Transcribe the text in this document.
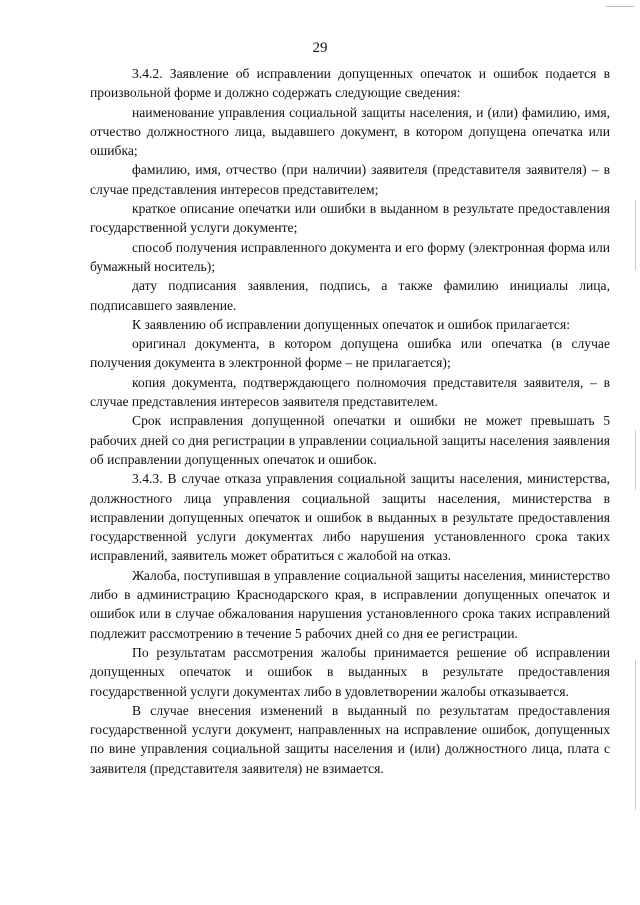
29

3.4.2. Заявление об исправлении допущенных опечаток и ошибок подается в произвольной форме и должно содержать следующие сведения:

наименование управления социальной защиты населения, и (или) фамилию, имя, отчество должностного лица, выдавшего документ, в котором допущена опечатка или ошибка;

фамилию, имя, отчество (при наличии) заявителя (представителя заявителя) – в случае представления интересов представителем;

краткое описание опечатки или ошибки в выданном в результате предоставления государственной услуги документе;

способ получения исправленного документа и его форму (электронная форма или бумажный носитель);

дату подписания заявления, подпись, а также фамилию инициалы лица, подписавшего заявление.

К заявлению об исправлении допущенных опечаток и ошибок прилагается:

оригинал документа, в котором допущена ошибка или опечатка (в случае получения документа в электронной форме – не прилагается);

копия документа, подтверждающего полномочия представителя заявителя, – в случае представления интересов заявителя представителем.

Срок исправления допущенной опечатки и ошибки не может превышать 5 рабочих дней со дня регистрации в управлении социальной защиты населения заявления об исправлении допущенных опечаток и ошибок.

3.4.3. В случае отказа управления социальной защиты населения, министерства, должностного лица управления социальной защиты населения, министерства в исправлении допущенных опечаток и ошибок в выданных в результате предоставления государственной услуги документах либо нарушения установленного срока таких исправлений, заявитель может обратиться с жалобой на отказ.

Жалоба, поступившая в управление социальной защиты населения, министерство либо в администрацию Краснодарского края, в исправлении допущенных опечаток и ошибок или в случае обжалования нарушения установленного срока таких исправлений подлежит рассмотрению в течение 5 рабочих дней со дня ее регистрации.

По результатам рассмотрения жалобы принимается решение об исправлении допущенных опечаток и ошибок в выданных в результате предоставления государственной услуги документах либо в удовлетворении жалобы отказывается.

В случае внесения изменений в выданный по результатам предоставления государственной услуги документ, направленных на исправление ошибок, допущенных по вине управления социальной защиты населения и (или) должностного лица, плата с заявителя (представителя заявителя) не взимается.
